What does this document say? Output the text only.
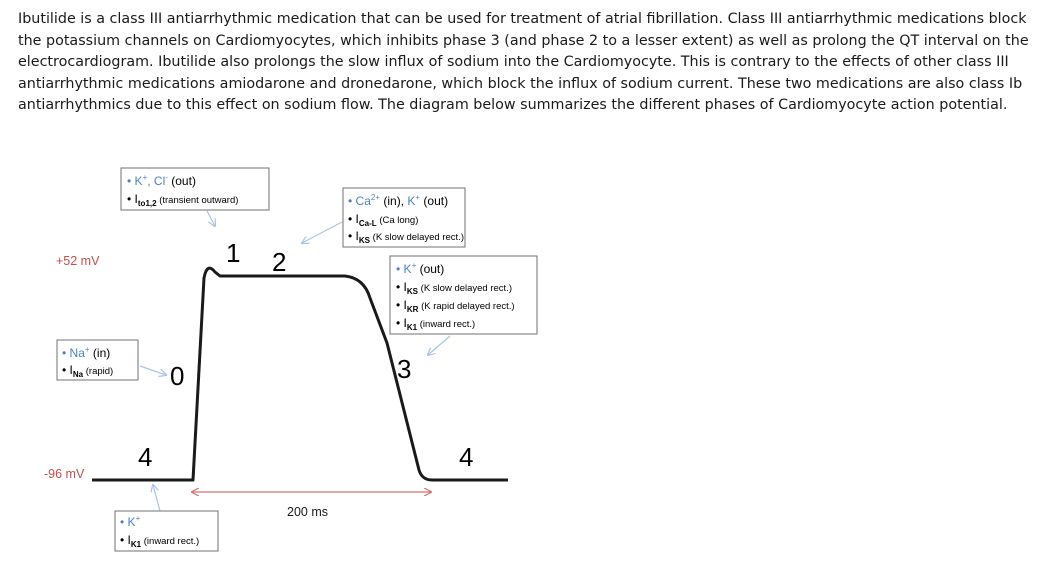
Ibutilide is a class III antiarrhythmic medication that can be used for treatment of atrial fibrillation. Class III antiarrhythmic medications block the potassium channels on Cardiomyocytes, which inhibits phase 3 (and phase 2 to a lesser extent) as well as prolong the QT interval on the electrocardiogram. Ibutilide also prolongs the slow influx of sodium into the Cardiomyocyte. This is contrary to the effects of other class III antiarrhythmic medications amiodarone and dronedarone, which block the influx of sodium current. These two medications are also class Ib antiarrhythmics due to this effect on sodium flow. The diagram below summarizes the different phases of Cardiomyocyte action potential.
+52 mV
-96 mV
200 ms
0
1 2
3
4	4
• K+, Cl- (out)
• $I_{to1,2}$ (transient outward)
• Na+ (in)
• $I_{Na}$ (rapid)
• $Ca^{2+}$ (in), K+ (out)
• $I_{Ca-L}$ (Ca long)
• $I_{KS}$ (K slow delayed rect.)
• K+ (out)
• $I_{KS}$ (K slow delayed rect.)
• $I_{KR}$ (K rapid delayed rect.)
• $I_{K1}$ (inward rect.)
• K+
• $I_{K1}$ (inward rect.)
